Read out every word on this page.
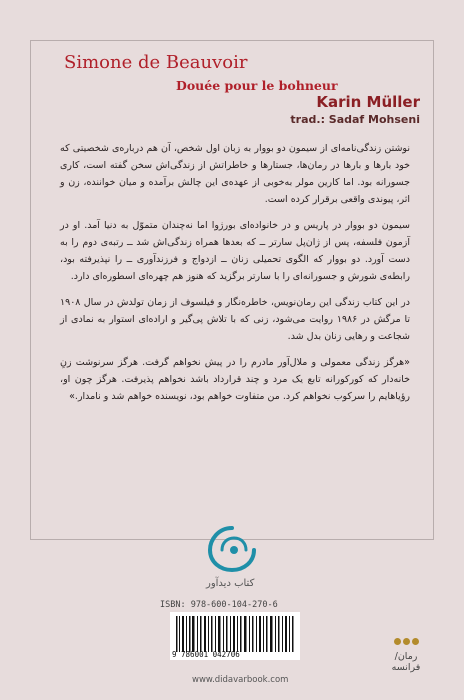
Simone de Beauvoir
Douée pour le bohneur
Karin Müller
trad.: Sadaf Mohseni

نوشتن زندگی‌نامه‌ای از سیمون دو بووار به زبان اول شخص، آن هم درباره‌ی شخصیتی که خود بارها و بارها در رمان‌ها، جستارها و خاطراتش از زندگی‌اش سخن گفته است، کاری جسورانه بود. اما کارین مولر به‌خوبی از عهده‌ی این چالش برآمده و میان خواننده، زن و اثر، پیوندی واقعی برقرار کرده است.

سیمون دو بووار در پاریس و در خانواده‌ای بورژوا اما نه‌چندان متموّل به دنیا آمد. او در آزمون فلسفه، پس از ژان‌پل سارتر ــ که بعدها همراه زندگی‌اش شد ــ رتبه‌ی دوم را به دست آورد. دو بووار که الگوی تحمیلی زنان ــ ازدواج و فرزندآوری ــ را نپذیرفته بود، رابطه‌ی شورش و جسورانه‌ای را با سارتر برگزید که هنوز هم چهره‌ای اسطوره‌ای دارد.

در این کتاب زندگی این رمان‌نویس، خاطره‌نگار و فیلسوف از زمان تولدش در سال ۱۹۰۸ تا مرگش در ۱۹۸۶ روایت می‌شود، زنی که با تلاش پی‌گیر و اراده‌ای استوار به نمادی از شجاعت و رهایی زنان بدل شد.

«هرگز زندگی معمولی و ملال‌آور مادرم را در پیش نخواهم گرفت. هرگز سرنوشت زنِ خانه‌دار که کورکورانه تابع یک مرد و چند قرارداد باشد نخواهم پذیرفت. هرگز چون او، رؤیاهایم را سرکوب نخواهم کرد. من متفاوت خواهم بود، نویسنده خواهم شد و نامدار.»

کتاب دیدآور
ISBN: 978-600-104-270-6
9 786001 042706
www.didavarbook.com
رمان/فرانسه
